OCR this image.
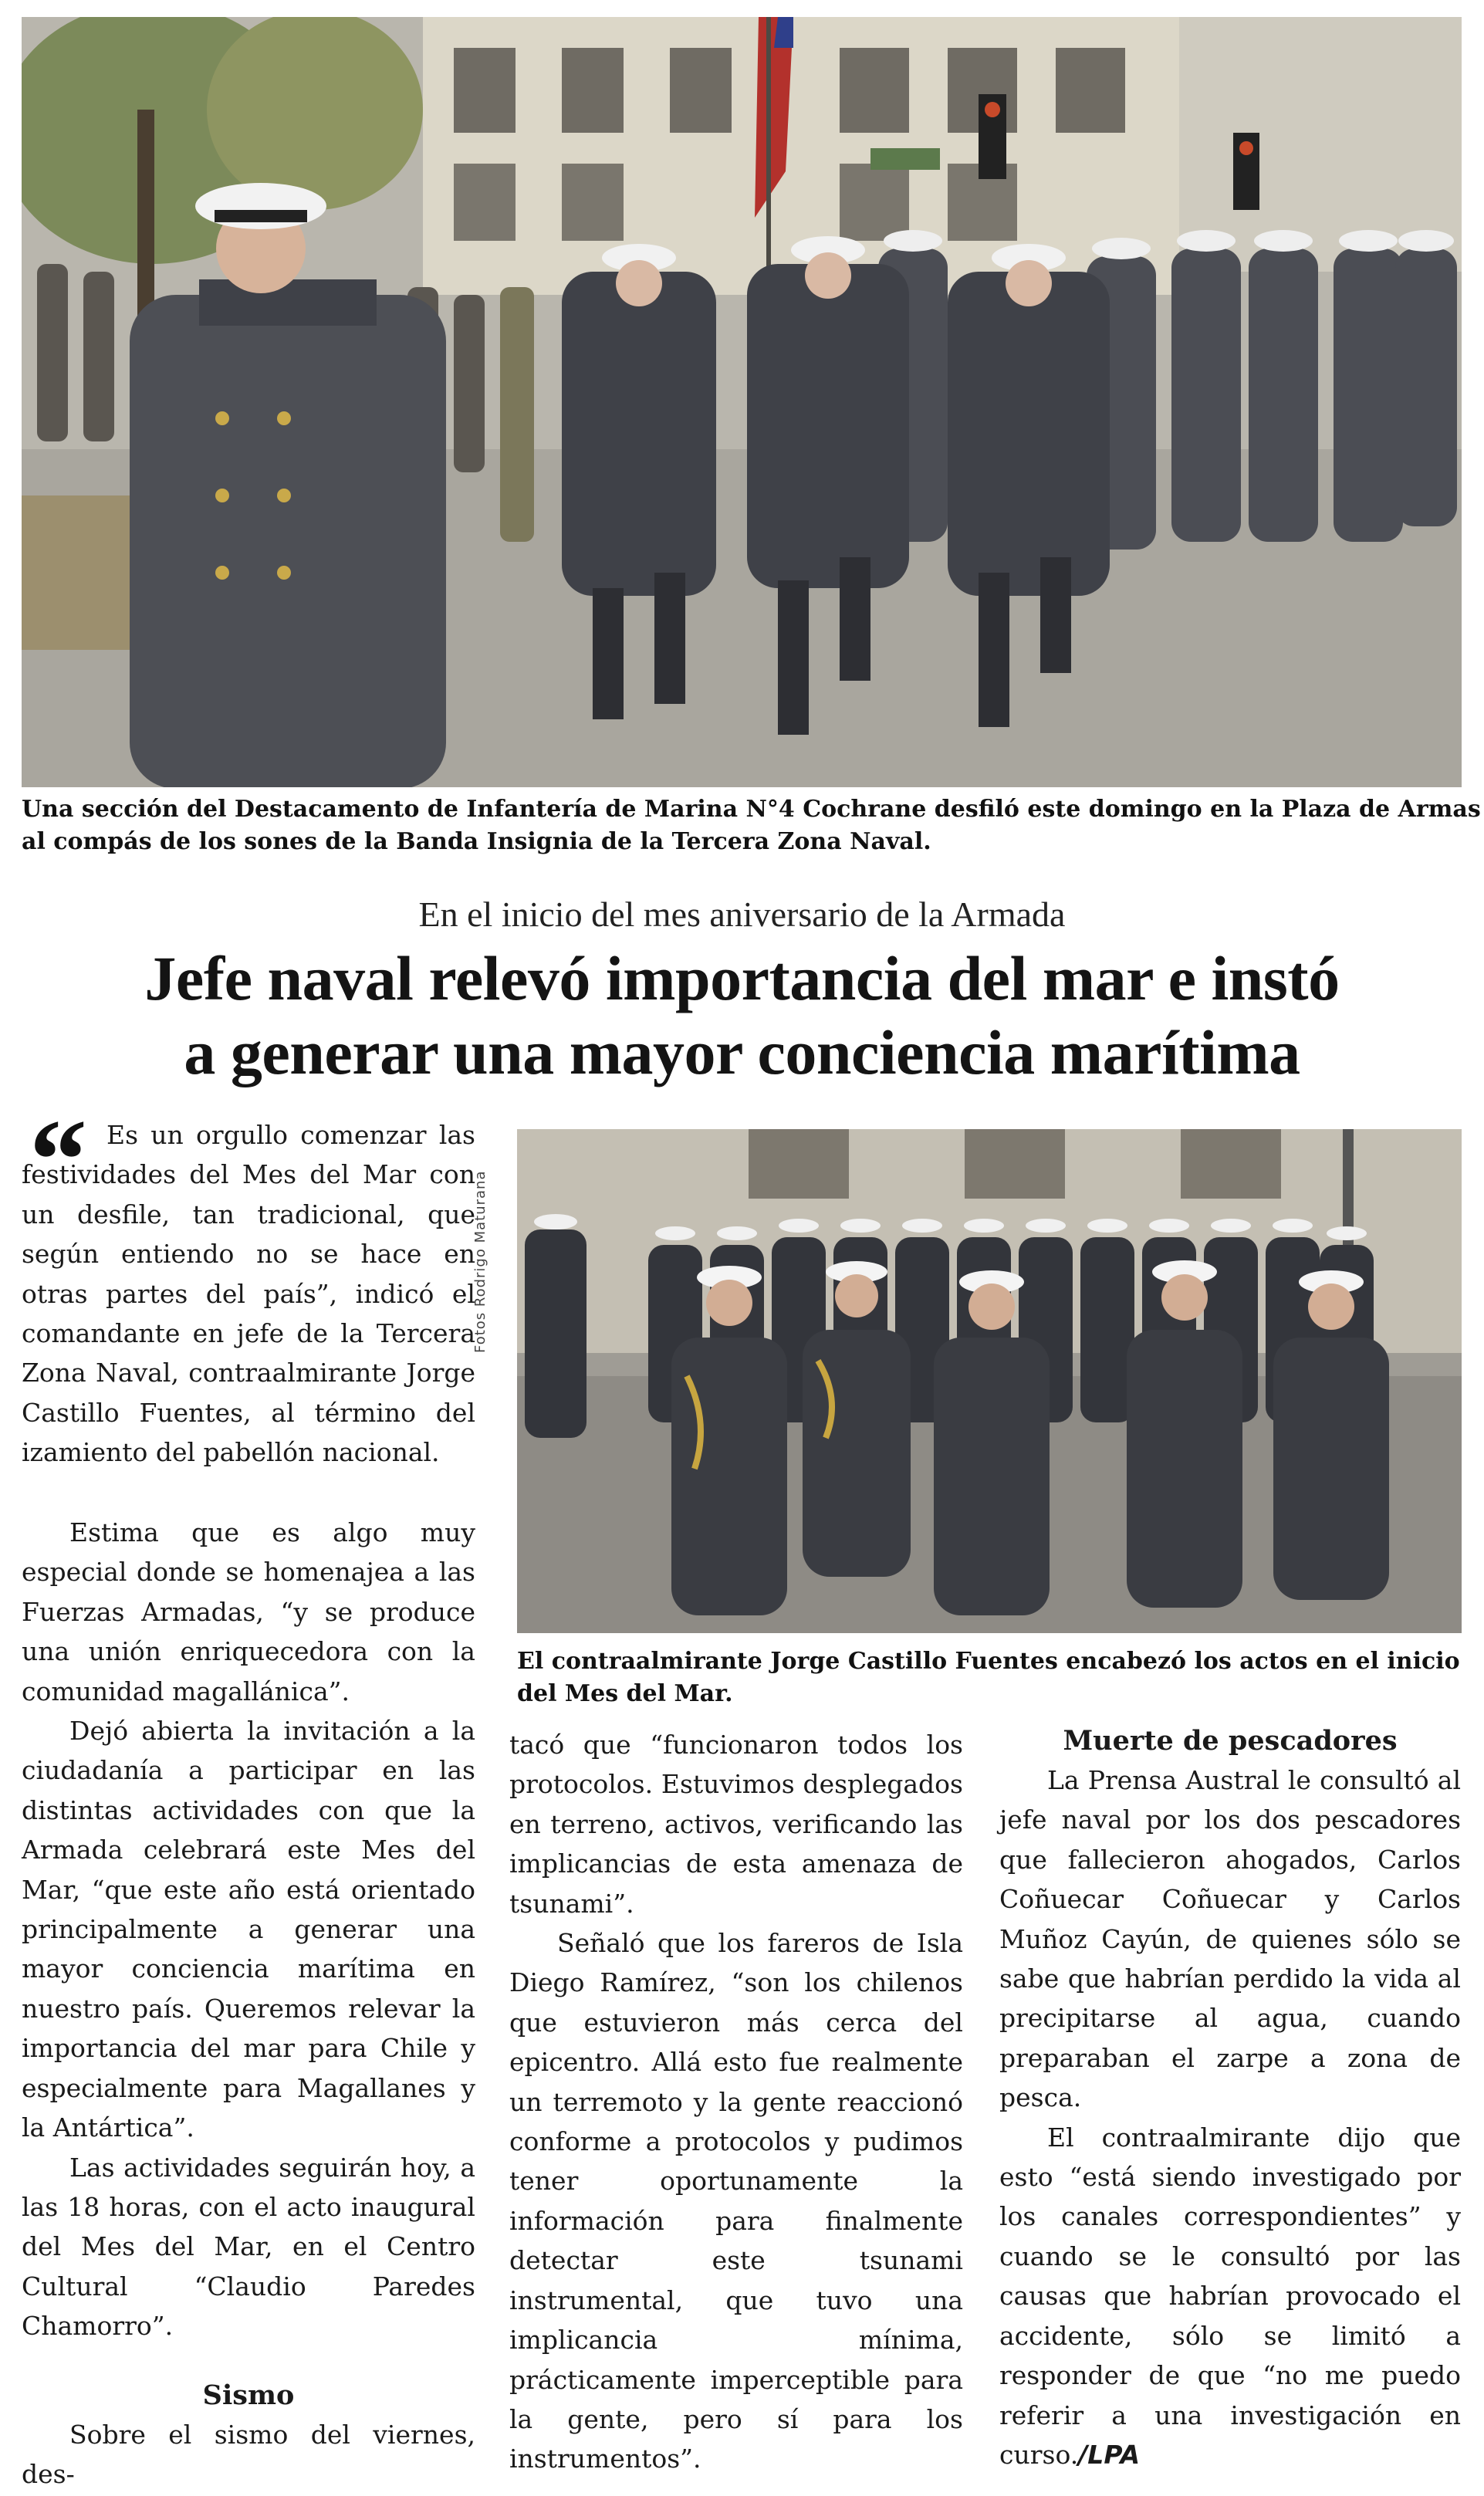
Una sección del Destacamento de Infantería de Marina N°4 Cochrane desfiló este domingo en la Plaza de Armas
al compás de los sones de la Banda Insignia de la Tercera Zona Naval.

En el inicio del mes aniversario de la Armada

Jefe naval relevó importancia del mar e instó
a generar una mayor conciencia marítima
“
Fotos Rodrigo Maturana

El contraalmirante Jorge Castillo Fuentes encabezó los actos en el inicio del Mes del Mar.

Es un orgullo comenzar las festividades del Mes del Mar con un desfile, tan tradicional, que según entiendo no se hace en otras partes del país”, indicó el comandante en jefe de la Tercera Zona Naval, contraalmirante Jorge Castillo Fuentes, al término del izamiento del pabellón nacional.

Estima que es algo muy especial donde se homenajea a las Fuerzas Armadas, “y se produce una unión enriquecedora con la comunidad magallánica”.

Dejó abierta la invitación a la ciudadanía a participar en las distintas actividades con que la Armada celebrará este Mes del Mar, “que este año está orientado principalmente a generar una mayor conciencia marítima en nuestro país. Queremos relevar la importancia del mar para Chile y especialmente para Magallanes y la Antártica”.

Las actividades seguirán hoy, a las 18 horas, con el acto inaugural del Mes del Mar, en el Centro Cultural “Claudio Paredes Chamorro”.

Sismo

Sobre el sismo del viernes, des-

tacó que “funcionaron todos los protocolos. Estuvimos desplegados en terreno, activos, verificando las implicancias de esta amenaza de tsunami”.

Señaló que los fareros de Isla Diego Ramírez, “son los chilenos que estuvieron más cerca del epicentro. Allá esto fue realmente un terremoto y la gente reaccionó conforme a protocolos y pudimos tener oportunamente la información para finalmente detectar este tsunami instrumental, que tuvo una implicancia mínima, prácticamente imperceptible para la gente, pero sí para los instrumentos”.

Muerte de pescadores

La Prensa Austral le consultó al jefe naval por los dos pescadores que fallecieron ahogados, Carlos Coñuecar Coñuecar y Carlos Muñoz Cayún, de quienes sólo se sabe que habrían perdido la vida al precipitarse al agua, cuando preparaban el zarpe a zona de pesca.

El contraalmirante dijo que esto “está siendo investigado por los canales correspondientes” y cuando se le consultó por las causas que habrían provocado el accidente, sólo se limitó a responder de que “no me puedo referir a una investigación en curso./LPA
